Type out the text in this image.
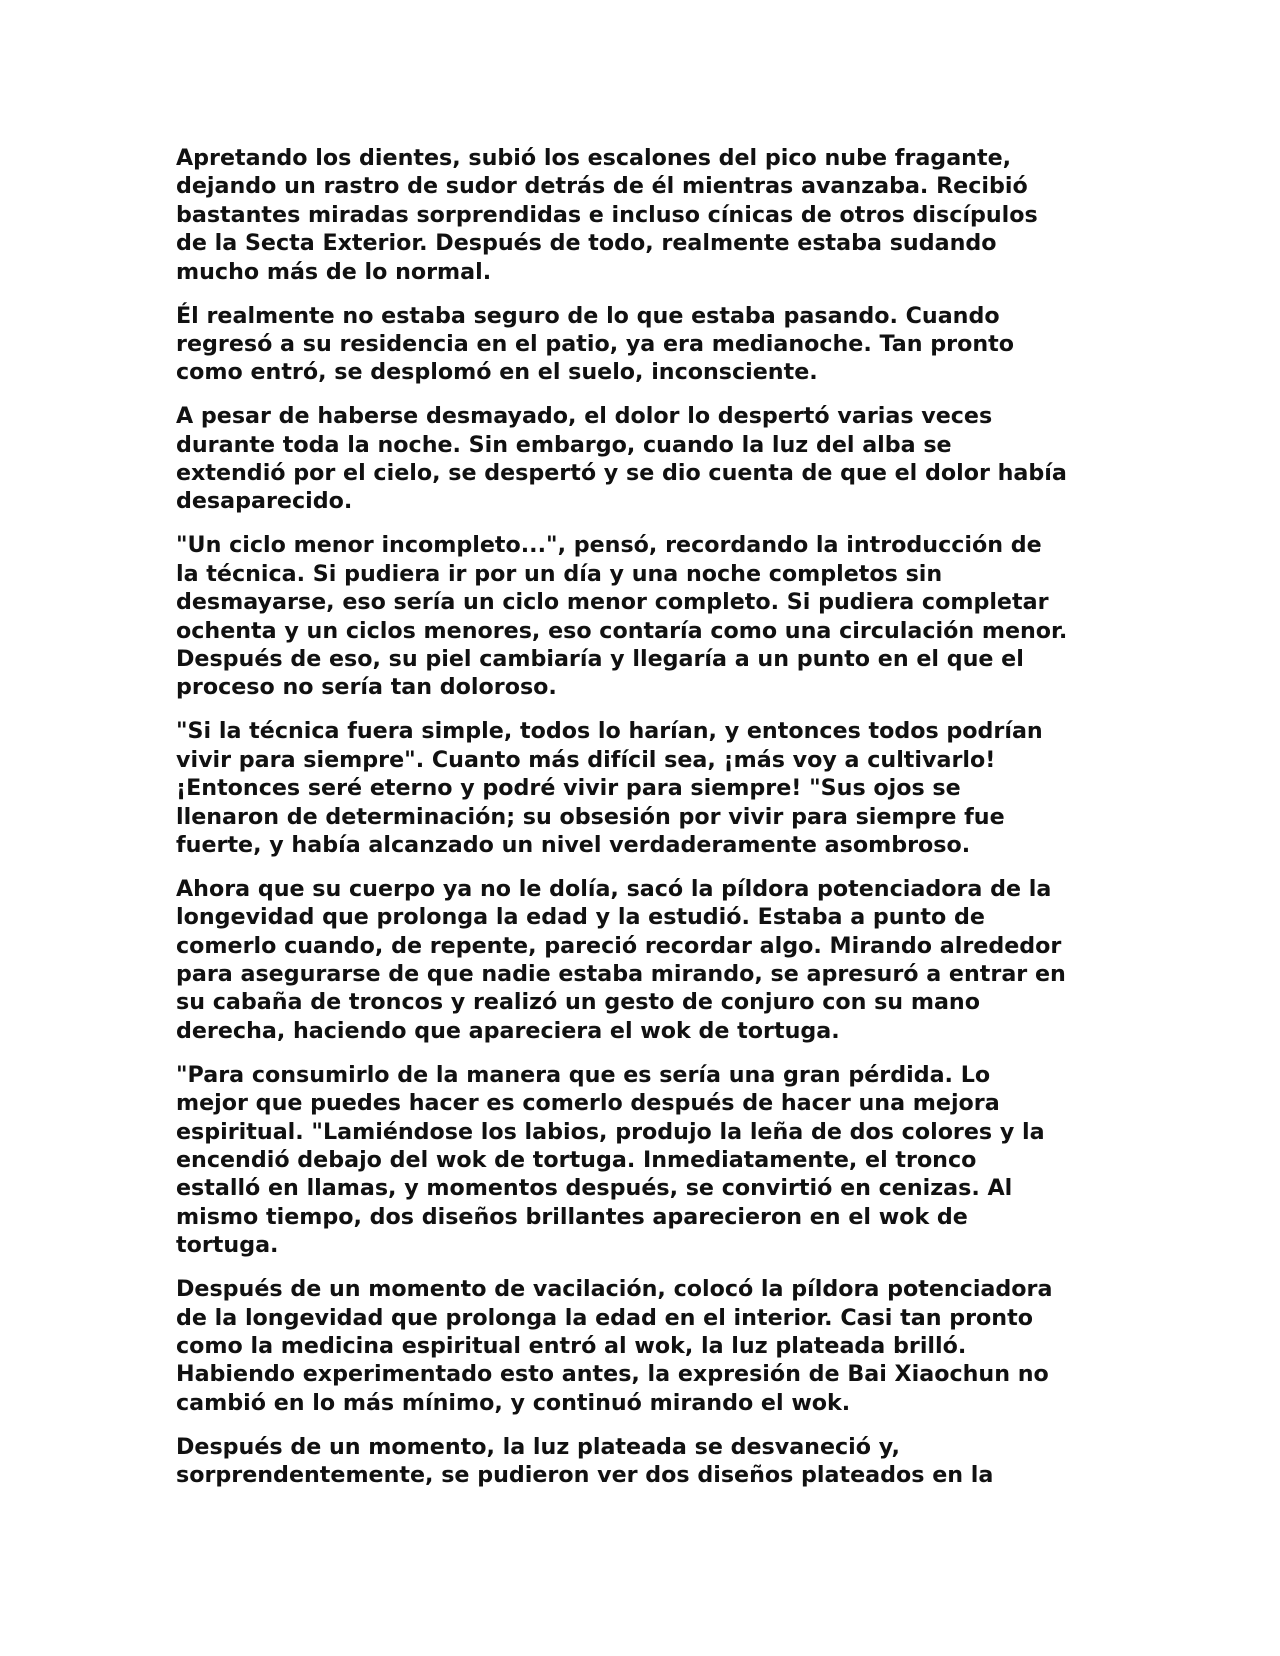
Apretando los dientes, subió los escalones del pico nube fragante,
dejando un rastro de sudor detrás de él mientras avanzaba. Recibió
bastantes miradas sorprendidas e incluso cínicas de otros discípulos
de la Secta Exterior. Después de todo, realmente estaba sudando
mucho más de lo normal.

Él realmente no estaba seguro de lo que estaba pasando. Cuando
regresó a su residencia en el patio, ya era medianoche. Tan pronto
como entró, se desplomó en el suelo, inconsciente.

A pesar de haberse desmayado, el dolor lo despertó varias veces
durante toda la noche. Sin embargo, cuando la luz del alba se
extendió por el cielo, se despertó y se dio cuenta de que el dolor había
desaparecido.

"Un ciclo menor incompleto...", pensó, recordando la introducción de
la técnica. Si pudiera ir por un día y una noche completos sin
desmayarse, eso sería un ciclo menor completo. Si pudiera completar
ochenta y un ciclos menores, eso contaría como una circulación menor.
Después de eso, su piel cambiaría y llegaría a un punto en el que el
proceso no sería tan doloroso.

"Si la técnica fuera simple, todos lo harían, y entonces todos podrían
vivir para siempre". Cuanto más difícil sea, ¡más voy a cultivarlo!
¡Entonces seré eterno y podré vivir para siempre! "Sus ojos se
llenaron de determinación; su obsesión por vivir para siempre fue
fuerte, y había alcanzado un nivel verdaderamente asombroso.

Ahora que su cuerpo ya no le dolía, sacó la píldora potenciadora de la
longevidad que prolonga la edad y la estudió. Estaba a punto de
comerlo cuando, de repente, pareció recordar algo. Mirando alrededor
para asegurarse de que nadie estaba mirando, se apresuró a entrar en
su cabaña de troncos y realizó un gesto de conjuro con su mano
derecha, haciendo que apareciera el wok de tortuga.

"Para consumirlo de la manera que es sería una gran pérdida. Lo
mejor que puedes hacer es comerlo después de hacer una mejora
espiritual. "Lamiéndose los labios, produjo la leña de dos colores y la
encendió debajo del wok de tortuga. Inmediatamente, el tronco
estalló en llamas, y momentos después, se convirtió en cenizas. Al
mismo tiempo, dos diseños brillantes aparecieron en el wok de
tortuga.

Después de un momento de vacilación, colocó la píldora potenciadora
de la longevidad que prolonga la edad en el interior. Casi tan pronto
como la medicina espiritual entró al wok, la luz plateada brilló.
Habiendo experimentado esto antes, la expresión de Bai Xiaochun no
cambió en lo más mínimo, y continuó mirando el wok.

Después de un momento, la luz plateada se desvaneció y,
sorprendentemente, se pudieron ver dos diseños plateados en la
